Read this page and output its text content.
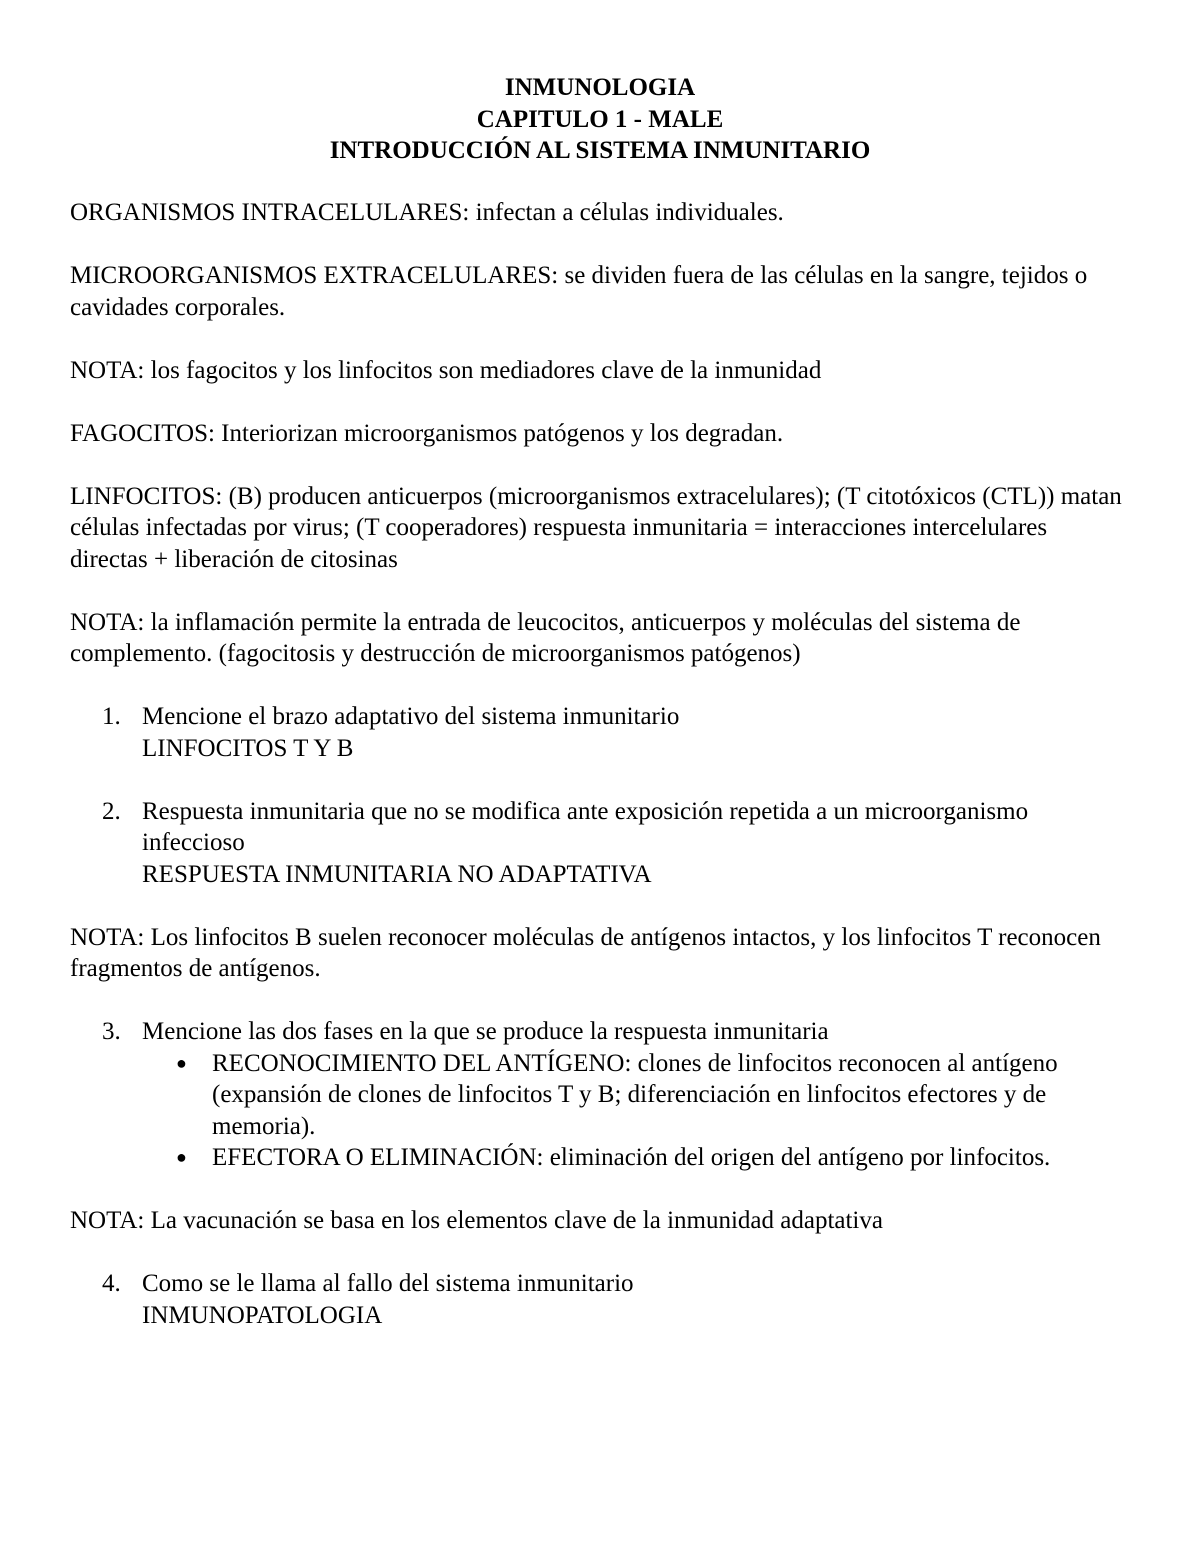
INMUNOLOGIA
CAPITULO 1 - MALE
INTRODUCCIÓN AL SISTEMA INMUNITARIO

ORGANISMOS INTRACELULARES: infectan a células individuales.

MICROORGANISMOS EXTRACELULARES: se dividen fuera de las células en la sangre, tejidos o cavidades corporales.

NOTA: los fagocitos y los linfocitos son mediadores clave de la inmunidad

FAGOCITOS: Interiorizan microorganismos patógenos y los degradan.

LINFOCITOS: (B) producen anticuerpos (microorganismos extracelulares); (T citotóxicos (CTL)) matan células infectadas por virus; (T cooperadores) respuesta inmunitaria = interacciones intercelulares directas + liberación de citosinas

NOTA: la inflamación permite la entrada de leucocitos, anticuerpos y moléculas del sistema de complemento. (fagocitosis y destrucción de microorganismos patógenos)

1. Mencione el brazo adaptativo del sistema inmunitario
LINFOCITOS T Y B
2. Respuesta inmunitaria que no se modifica ante exposición repetida a un microorganismo infeccioso
RESPUESTA INMUNITARIA NO ADAPTATIVA

NOTA: Los linfocitos B suelen reconocer moléculas de antígenos intactos, y los linfocitos T reconocen fragmentos de antígenos.

3. Mencione las dos fases en la que se produce la respuesta inmunitaria
● RECONOCIMIENTO DEL ANTÍGENO: clones de linfocitos reconocen al antígeno (expansión de clones de linfocitos T y B; diferenciación en linfocitos efectores y de memoria).
● EFECTORA O ELIMINACIÓN: eliminación del origen del antígeno por linfocitos.

NOTA: La vacunación se basa en los elementos clave de la inmunidad adaptativa

4. Como se le llama al fallo del sistema inmunitario
INMUNOPATOLOGIA
